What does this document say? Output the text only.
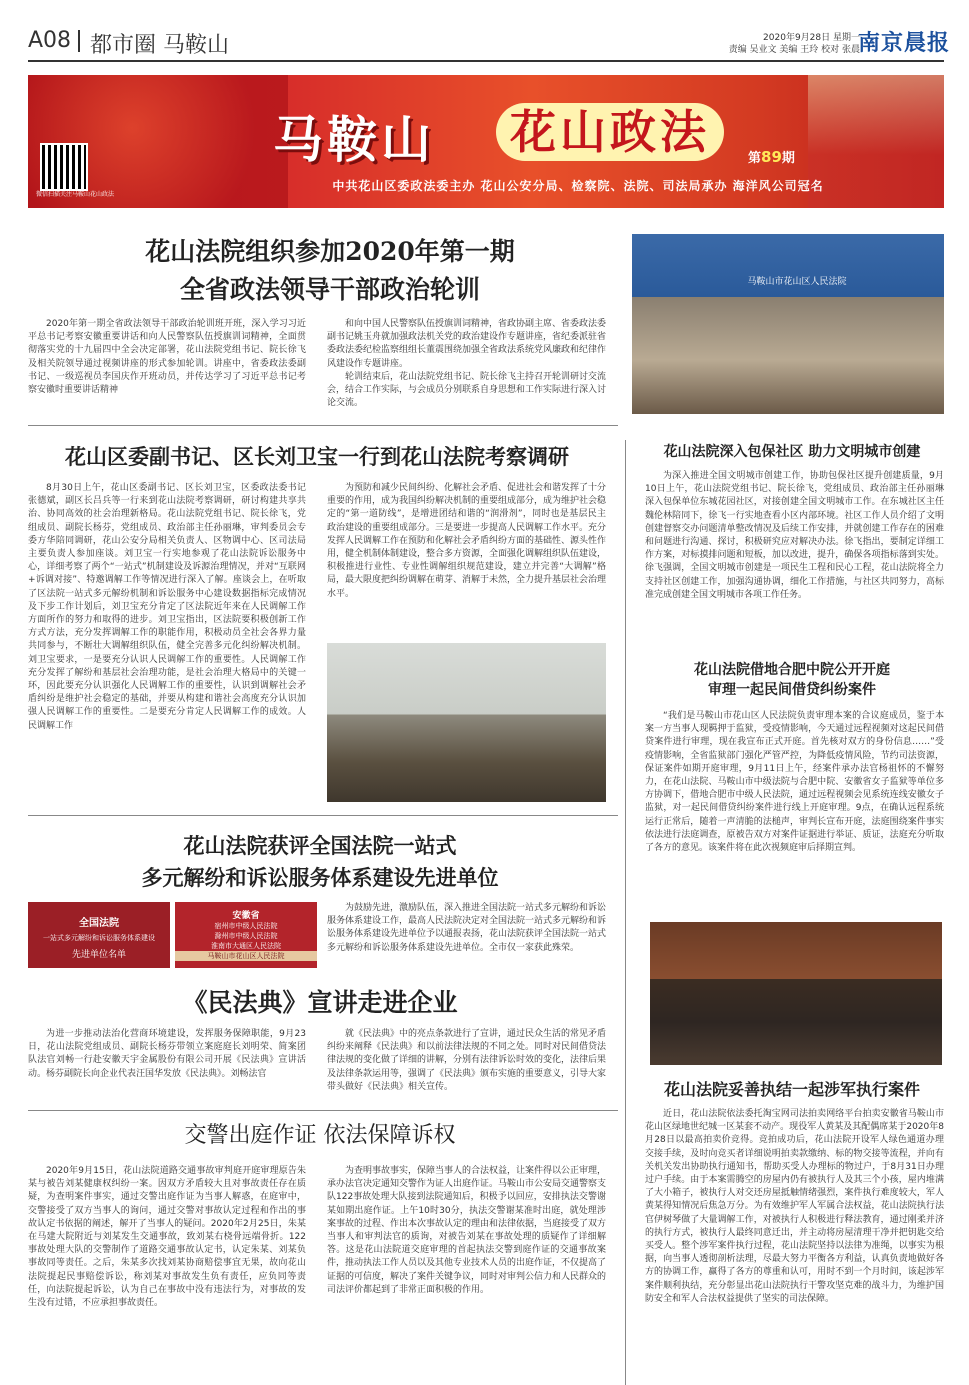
A08 都市圈 马鞍山	2020年9月28日 星期一
责编 吴业文 美编 王玲 校对 张晨
南京晨报
微信扫描关注马鞍山花山政法
马鞍山	花山政法	第89期
中共花山区委政法委主办 花山公安分局、检察院、法院、司法局承办 海洋风公司冠名
花山法院组织参加2020年第一期
全省政法领导干部政治轮训
2020年第一期全省政法领导干部政治轮训班开班，深入学习习近平总书记考察安徽重要讲话和向人民警察队伍授旗训词精神，全面贯彻落实党的十九届四中全会决定部署，花山法院党组书记、院长徐飞及相关院领导通过视频讲座的形式参加轮训。讲座中，省委政法委副书记、一级巡视员李国庆作开班动员，并传达学习了习近平总书记考察安徽时重要讲话精神

和向中国人民警察队伍授旗训词精神，省政协副主席、省委政法委副书记姚玉舟就加强政法机关党的政治建设作专题讲座，省纪委派驻省委政法委纪检监察组组长董震围绕加强全省政法系统党风廉政和纪律作风建设作专题讲座。

轮训结束后，花山法院党组书记、院长徐飞主持召开轮训研讨交流会，结合工作实际，与会成员分别联系自身思想和工作实际进行深入讨论交流。

马鞍山市花山区人民法院
花山区委副书记、区长刘卫宝一行到花山法院考察调研
8月30日上午，花山区委副书记、区长刘卫宝，区委政法委书记张德斌，副区长吕兵等一行来到花山法院考察调研，研讨构建共享共治、协同高效的社会治理新格局。花山法院党组书记、院长徐飞，党组成员、副院长杨芬，党组成员、政治部主任孙丽琳，审判委员会专委方华陪同调研，花山公安分局相关负责人、区物调中心、区司法局主要负责人参加座谈。刘卫宝一行实地参观了花山法院诉讼服务中心，详细考察了两个“一站式”机制建设及诉源治理情况，并对“互联网+诉调对接”、特邀调解工作等情况进行深入了解。座谈会上，在听取了区法院一站式多元解纷机制和诉讼服务中心建设数据指标完成情况及下步工作计划后，刘卫宝充分肯定了区法院近年来在人民调解工作方面所作的努力和取得的进步。刘卫宝指出，区法院要积极创新工作方式方法，充分发挥调解工作的职能作用，积极动员全社会各界力量共同参与，不断壮大调解组织队伍，健全完善多元化纠纷解决机制。刘卫宝要求，一是要充分认识人民调解工作的重要性。人民调解工作充分发挥了解纷和基层社会治理功能，是社会治理大格局中的关键一环，因此要充分认识强化人民调解工作的重要性，认识到调解社会矛盾纠纷是维护社会稳定的基础，并要从构建和谐社会高度充分认识加强人民调解工作的重要性。二是要充分肯定人民调解工作的成效。人民调解工作
为预防和减少民间纠纷、化解社会矛盾、促进社会和谐发挥了十分重要的作用，成为我国纠纷解决机制的重要组成部分，成为维护社会稳定的“第一道防线”，是增进团结和谐的“润滑剂”，同时也是基层民主政治建设的重要组成部分。三是要进一步提高人民调解工作水平。充分发挥人民调解工作在预防和化解社会矛盾纠纷方面的基础性、源头性作用，健全机制体制建设，整合多方资源，全面强化调解组织队伍建设，积极推进行业性、专业性调解组织规范建设，建立并完善“大调解”格局，最大限度把纠纷调解在萌芽、消解于未然，全力提升基层社会治理水平。
花山法院深入包保社区 助力文明城市创建
为深入推进全国文明城市创建工作，协助包保社区提升创建质量，9月10日上午，花山法院党组书记、院长徐飞，党组成员、政治部主任孙丽琳深入包保单位东城花园社区，对接创建全国文明城市工作。在东城社区主任魏伦林陪同下，徐飞一行实地查看小区内部环境。社区工作人员介绍了文明创建督察交办问题清单整改情况及后续工作安排，并就创建工作存在的困难和问题进行沟通、探讨，积极研究应对解决办法。徐飞指出，要制定详细工作方案，对标摸排问题和短板，加以改进，提升，确保各项指标落到实处。徐飞强调，全国文明城市创建是一项民生工程和民心工程，花山法院将全力支持社区创建工作，加强沟通协调，细化工作措施，与社区共同努力，高标准完成创建全国文明城市各项工作任务。
花山法院借地合肥中院公开开庭
审理一起民间借贷纠纷案件
“我们是马鞍山市花山区人民法院负责审理本案的合议庭成员，鉴于本案一方当事人现羁押于监狱，受疫情影响，今天通过远程视频对这起民间借贷案件进行审理，现在我宣布正式开庭。首先核对双方的身份信息……”受疫情影响，全省监狱部门强化严管严控，为降低疫情风险，节约司法资源，保证案件如期开庭审理，9月11日上午，经案件承办法官杨祖怀的不懈努力，在花山法院、马鞍山市中级法院与合肥中院、安徽省女子监狱等单位多方协调下，借地合肥市中级人民法院，通过远程视频会见系统连线安徽女子监狱，对一起民间借贷纠纷案件进行线上开庭审理。9点，在确认远程系统运行正常后，随着一声清脆的法槌声，审判长宣布开庭，法庭围绕案件事实依法进行法庭调查，原被告双方对案件证据进行举证、质证，法庭充分听取了各方的意见。该案件将在此次视频庭审后择期宣判。
花山法院获评全国法院一站式
多元解纷和诉讼服务体系建设先进单位
全国法院
一站式多元解纷和诉讼服务体系建设
先进单位名单
安徽省
宿州市中级人民法院
滁州市中级人民法院
淮南市大通区人民法院
马鞍山市花山区人民法院
为鼓励先进，激励队伍，深入推进全国法院一站式多元解纷和诉讼服务体系建设工作，最高人民法院决定对全国法院一站式多元解纷和诉讼服务体系建设先进单位予以通报表扬，花山法院获评全国法院一站式多元解纷和诉讼服务体系建设先进单位。全市仅一家获此殊荣。
《民法典》宣讲走进企业
为进一步推动法治化营商环境建设，发挥服务保障职能，9月23日，花山法院党组成员、副院长杨芬带领立案庭庭长刘明荣、简案团队法官刘畅一行赴安徽天宇金属股份有限公司开展《民法典》宣讲活动。杨芬副院长向企业代表汪国华发放《民法典》。刘畅法官
就《民法典》中的亮点条款进行了宣讲，通过民众生活的常见矛盾纠纷来阐释《民法典》和以前法律法规的不同之处。同时对民间借贷法律法规的变化做了详细的讲解，分别有法律诉讼时效的变化，法律后果及法律条款运用等，强调了《民法典》颁布实施的重要意义，引导大家带头做好《民法典》相关宣传。
交警出庭作证 依法保障诉权
2020年9月15日，花山法院道路交通事故审判庭开庭审理原告朱某与被告刘某健康权纠纷一案。因双方矛盾较大且对事故责任存在质疑，为查明案件事实，通过交警出庭作证为当事人解惑，在庭审中，交警接受了双方当事人的询问，通过交警对事故认定过程和作出的事故认定书依据的阐述，解开了当事人的疑问。2020年2月25日，朱某在马建大院附近与刘某发生交通事故，致刘某右桡骨远端骨折。122事故处理大队的交警制作了道路交通事故认定书，认定朱某、刘某负事故同等责任。之后，朱某多次找刘某协商赔偿事宜无果，故向花山法院提起民事赔偿诉讼，称刘某对事故发生负有责任，应负同等责任，向法院提起诉讼，认为自己在事故中没有违法行为，对事故的发生没有过错，不应承担事故责任。
为查明事故事实，保障当事人的合法权益，让案件得以公正审理，承办法官决定通知交警作为证人出庭作证。马鞍山市公安局交通警察支队122事故处理大队接到法院通知后，积极予以回应，安排执法交警谢某如期出庭作证。上午10时30分，执法交警谢某准时出庭，就处理涉案事故的过程、作出本次事故认定的理由和法律依据，当庭接受了双方当事人和审判法官的质询，对被告刘某在事故处理的质疑作了详细解答。这是花山法院道交庭审理的首起执法交警到庭作证的交通事故案件，推动执法工作人员以及其他专业技术人员的出庭作证，不仅提高了证据的可信度，解决了案件关键争议，同时对审判公信力和人民群众的司法评价都起到了非常正面积极的作用。
花山法院妥善执结一起涉军执行案件
近日，花山法院依法委托淘宝网司法拍卖网络平台拍卖安徽省马鞍山市花山区绿地世纪城一区某套不动产。现役军人黄某及其配偶席某于2020年8月28日以最高拍卖价竞得。竞拍成功后，花山法院开设军人绿色通道办理交接手续，及时向竞买者详细说明拍卖款缴纳、标的物交接等流程，并向有关机关发出协助执行通知书，帮助买受人办理标的物过户，于8月31日办理过户手续。由于本案需腾空的房屋内仍有被执行人及其三个小孩，屋内堆满了大小箱子，被执行人对交还房屋抵触情绪强烈，案件执行难度较大，军人黄某得知情况后焦急万分。为有效维护军人军属合法权益，花山法院执行法官伊树琴做了大量调解工作，对被执行人积极进行释法教育，通过刚柔并济的执行方式，被执行人最终同意迁出，并主动将房屋清理干净并把钥匙交给买受人。整个涉军案件执行过程，花山法院坚持以法律为准绳，以事实为根据，向当事人透彻剖析法理，尽最大努力平衡各方利益，认真负责地做好各方的协调工作，赢得了各方的尊重和认可，用时不到一个月时间，该起涉军案件顺利执结，充分彰显出花山法院执行干警攻坚克难的战斗力，为维护国防安全和军人合法权益提供了坚实的司法保障。
